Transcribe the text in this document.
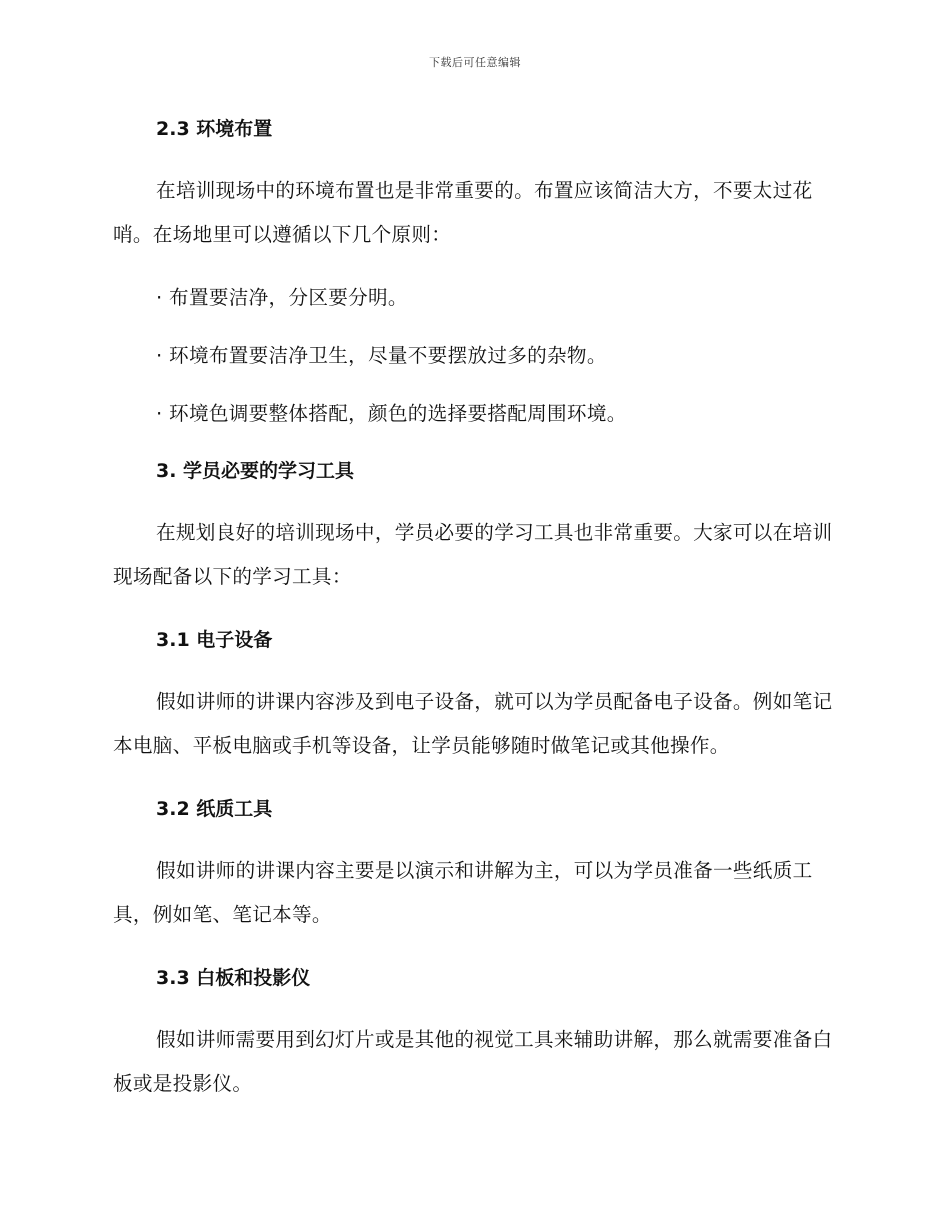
下载后可任意编辑
2.3 环境布置

在培训现场中的环境布置也是非常重要的。布置应该简洁大方，不要太过花哨。在场地里可以遵循以下几个原则：

· 布置要洁净，分区要分明。
· 环境布置要洁净卫生，尽量不要摆放过多的杂物。
· 环境色调要整体搭配，颜色的选择要搭配周围环境。
3. 学员必要的学习工具

在规划良好的培训现场中，学员必要的学习工具也非常重要。大家可以在培训现场配备以下的学习工具：

3.1 电子设备

假如讲师的讲课内容涉及到电子设备，就可以为学员配备电子设备。例如笔记本电脑、平板电脑或手机等设备，让学员能够随时做笔记或其他操作。

3.2 纸质工具

假如讲师的讲课内容主要是以演示和讲解为主，可以为学员准备一些纸质工具，例如笔、笔记本等。

3.3 白板和投影仪

假如讲师需要用到幻灯片或是其他的视觉工具来辅助讲解，那么就需要准备白板或是投影仪。
